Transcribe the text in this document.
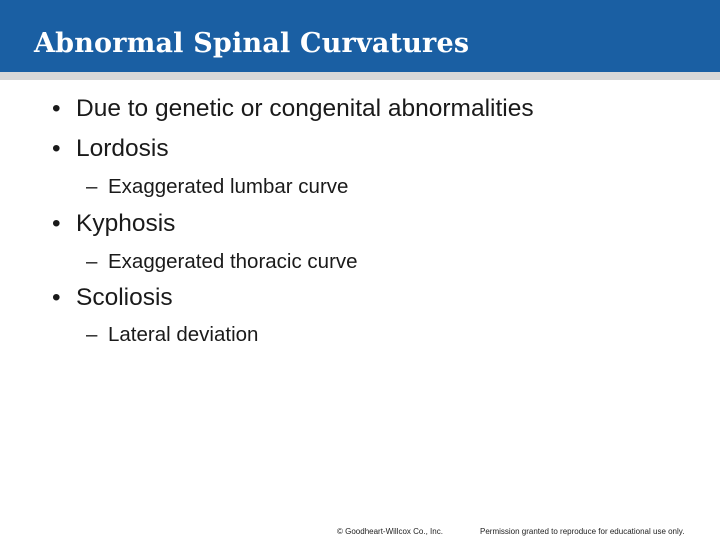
Abnormal Spinal Curvatures
• Due to genetic or congenital abnormalities
• Lordosis
– Exaggerated lumbar curve
• Kyphosis
– Exaggerated thoracic curve
• Scoliosis
– Lateral deviation
© Goodheart-Willcox Co., Inc.	Permission granted to reproduce for educational use only.
